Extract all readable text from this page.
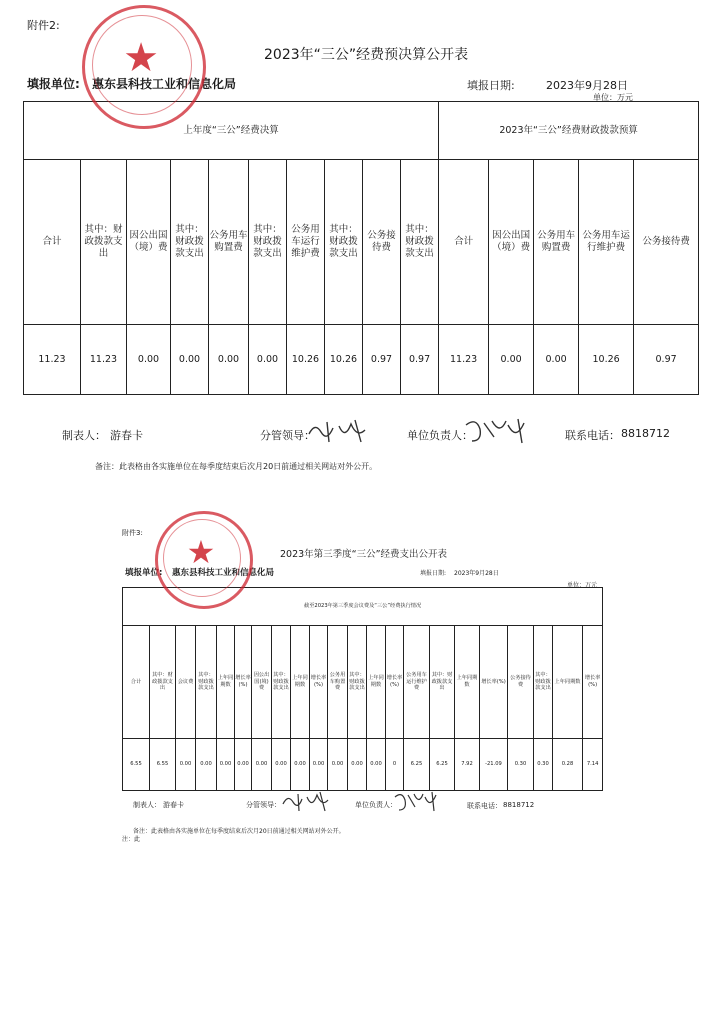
附件2:
2023年“三公”经费预决算公开表
填报单位: 惠东县科技工业和信息化局	填报日期:	2023年9月28日
单位：万元
上年度“三公”经费决算										2023年“三公”经费财政拨款预算				
合计	其中：财政拨款支出	因公出国（境）费	其中：财政拨款支出	公务用车购置费	其中：财政拨款支出	公务用车运行维护费	其中：财政拨款支出	公务接待费	其中：财政拨款支出	合计	因公出国（境）费	公务用车购置费	公务用车运行维护费	公务接待费
11.23	11.23	0.00	0.00	0.00	0.00	10.26	10.26	0.97	0.97	11.23	0.00	0.00	10.26	0.97
制表人： 游春卡	分管领导：	单位负责人：	联系电话： 8818712
备注：此表格由各实施单位在每季度结束后次月20日前通过相关网站对外公开。
★
附件3:
2023年第三季度“三公”经费支出公开表
填报单位: 惠东县科技工业和信息化局	填报日期: 2023年9月28日
单位：万元
截至2023年第三季度会议费及“三公”经费执行情况																					
合计	其中：财政拨款支出	会议费	其中：财政拨款支出	上年同期数	增长率(%)	因公出国(境)费	其中：财政拨款支出	上年同期数	增长率(%)	公务用车购置费	其中：财政拨款支出	上年同期数	增长率(%)	公务用车运行维护费	其中：财政拨款支出	上年同期数	增长率(%)	公务接待费	其中：财政拨款支出	上年同期数	增长率(%)
6.55	6.55	0.00	0.00	0.00	0.00	0.00	0.00	0.00	0.00	0.00	0.00	0.00	0	6.25	6.25	7.92	-21.09	0.30	0.30	0.28	7.14
制表人： 游春卡	分管领导：	单位负责人：	联系电话： 8818712
备注：此表格由各实施单位在每季度结束后次月20日前通过相关网站对外公开。
注：此
★
